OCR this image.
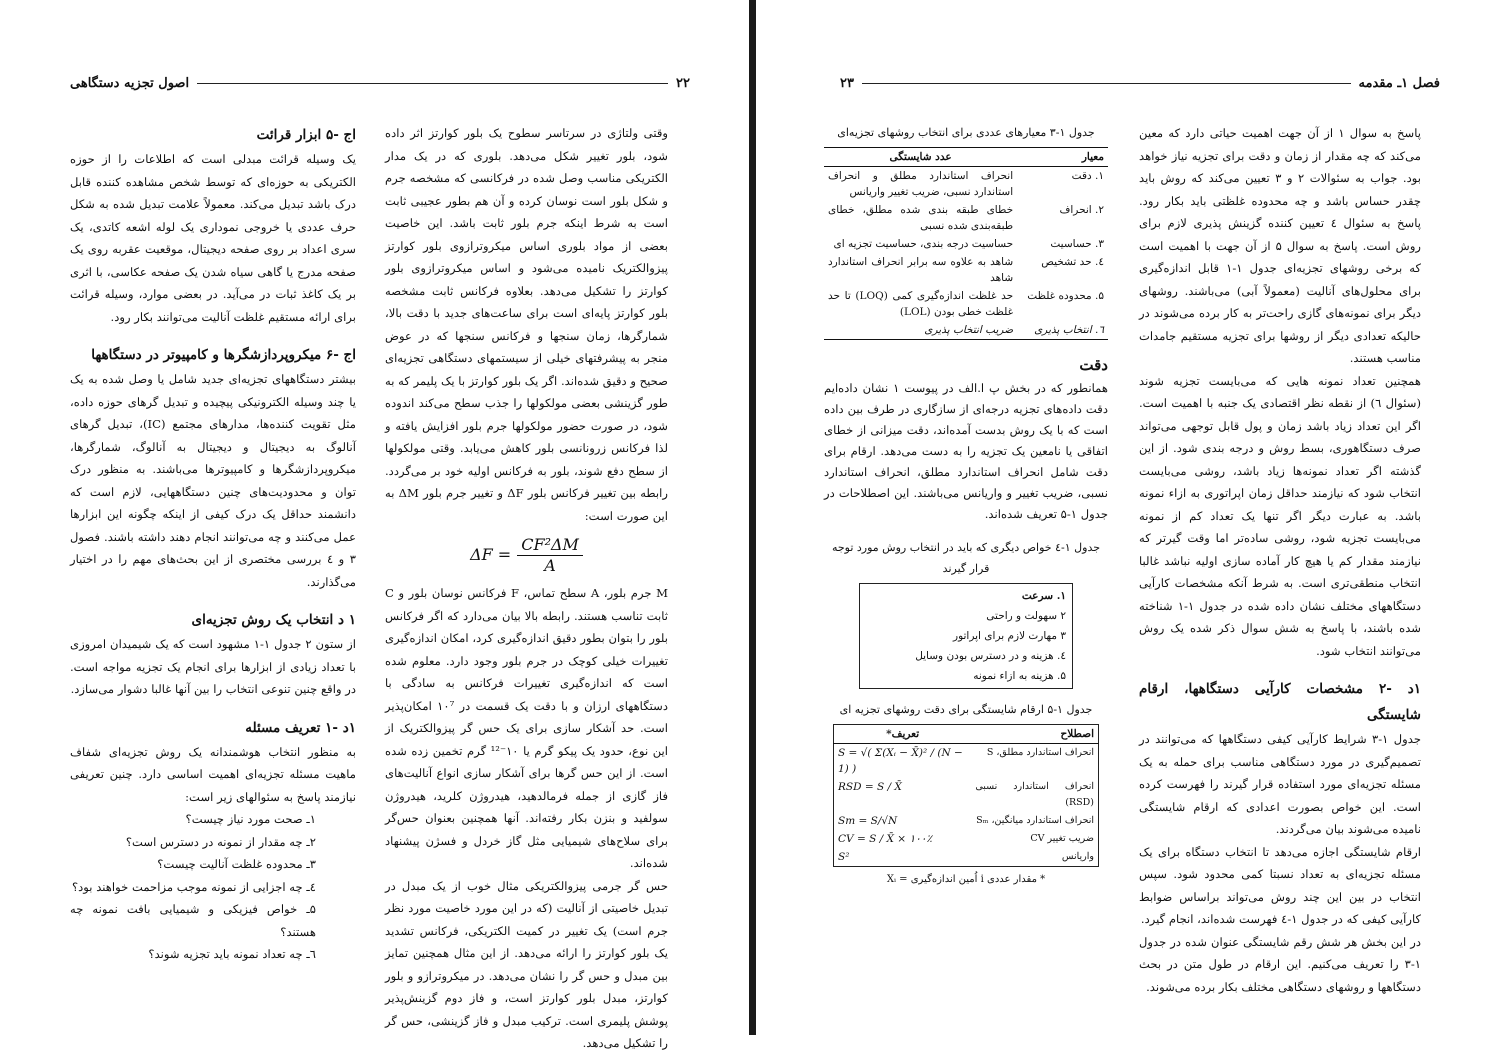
۲۲
اصول تجزیه دستگاهی

اج -۵ ابزار قرائت

یک وسیله قرائت مبدلی است که اطلاعات را از حوزه الکتریکی به حوزه‌ای که توسط شخص مشاهده کننده قابل درک باشد تبدیل می‌کند. معمولاً علامت تبدیل شده به شکل حرف عددی یا خروجی نموداری یک لوله اشعه کاتدی، یک سری اعداد بر روی صفحه دیجیتال، موقعیت عقربه روی یک صفحه مدرج یا گاهی سیاه شدن یک صفحه عکاسی، با اثری بر یک کاغذ ثبات در می‌آید. در بعضی موارد، وسیله قرائت برای ارائه مستقیم غلظت آنالیت می‌توانند بکار رود.

اج -۶ میکروپردازشگرها و کامپیوتر در دستگاهها

بیشتر دستگاههای تجزیه‌ای جدید شامل یا وصل شده به یک یا چند وسیله الکترونیکی پیچیده و تبدیل گرهای حوزه داده، مثل تقویت کننده‌ها، مدارهای مجتمع (IC)، تبدیل گرهای آنالوگ به دیجیتال و دیجیتال به آنالوگ، شمارگرها، میکروپردازشگرها و کامپیوترها می‌باشند. به منظور درک توان و محدودیت‌های چنین دستگاههایی، لازم است که دانشمند حداقل یک درک کیفی از اینکه چگونه این ابزارها عمل می‌کنند و چه می‌توانند انجام دهند داشته باشند. فصول ۳ و ٤ بررسی مختصری از این بحث‌های مهم را در اختیار می‌گذارند.

۱ د انتخاب یک روش تجزیه‌ای

از ستون ۲ جدول ۱-۱ مشهود است که یک شیمیدان امروزی با تعداد زیادی از ابزارها برای انجام یک تجزیه مواجه است. در واقع چنین تنوعی انتخاب را بین آنها غالبا دشوار می‌سازد.

۱د -۱ تعریف مسئله

به منظور انتخاب هوشمندانه یک روش تجزیه‌ای شفاف ماهیت مسئله تجزیه‌ای اهمیت اساسی دارد. چنین تعریفی نیازمند پاسخ به سئوالهای زیر است:

۱ـ صحت مورد نیاز چیست؟

۲ـ چه مقدار از نمونه در دسترس است؟

۳ـ محدوده غلظت آنالیت چیست؟

٤ـ چه اجزایی از نمونه موجب مزاحمت خواهند بود؟

۵ـ خواص فیزیکی و شیمیایی بافت نمونه چه هستند؟

٦ـ چه تعداد نمونه باید تجزیه شوند؟

وقتی ولتاژی در سرتاسر سطوح یک بلور کوارتز اثر داده شود، بلور تغییر شکل می‌دهد. بلوری که در یک مدار الکتریکی مناسب وصل شده در فرکانسی که مشخصه جرم و شکل بلور است نوسان کرده و آن هم بطور عجیبی ثابت است به شرط اینکه جرم بلور ثابت باشد. این خاصیت بعضی از مواد بلوری اساس میکروترازوی بلور کوارتز پیزوالکتریک نامیده می‌شود و اساس میکروترازوی بلور کوارتز را تشکیل می‌دهد. بعلاوه فرکانس ثابت مشخصه بلور کوارتز پایه‌ای است برای ساعت‌های جدید با دقت بالا، شمارگرها، زمان سنجها و فرکانس سنجها که در عوض منجر به پیشرفتهای خیلی از سیستمهای دستگاهی تجزیه‌ای صحیح و دقیق شده‌اند. اگر یک بلور کوارتز با یک پلیمر که به طور گزینشی بعضی مولکولها را جذب سطح می‌کند اندوده شود، در صورت حضور مولکولها جرم بلور افزایش یافته و لذا فرکانس زرونانسی بلور کاهش می‌یابد. وقتی مولکولها از سطح دفع شوند، بلور به فرکانس اولیه خود بر می‌گردد. رابطه بین تغییر فرکانس بلور ΔF و تغییر جرم بلور ΔM به این صورت است:

$\Delta F = \frac{\text{CF²ΔM}}{A}$

M جرم بلور، A سطح تماس، F فرکانس نوسان بلور و C ثابت تناسب هستند. رابطه بالا بیان می‌دارد که اگر فرکانس بلور را بتوان بطور دقیق اندازه‌گیری کرد، امکان اندازه‌گیری تغییرات خیلی کوچک در جرم بلور وجود دارد. معلوم شده است که اندازه‌گیری تغییرات فرکانس به سادگی با دستگاههای ارزان و با دقت یک قسمت در ۱۰⁷ امکان‌پذیر است. حد آشکار سازی برای یک حس گر پیزوالکتریک از این نوع، حدود یک پیکو گرم یا ۱۰⁻¹² گرم تخمین زده شده است. از این حس گرها برای آشکار سازی انواع آنالیت‌های فاز گازی از جمله فرمالدهید، هیدروژن کلرید، هیدروژن سولفید و بنزن بکار رفته‌اند. آنها همچنین بعنوان حس‌گر برای سلاح‌های شیمیایی مثل گاز خردل و فسژن پیشنهاد شده‌اند.

حس گر جرمی پیزوالکتریکی مثال خوب از یک مبدل در تبدیل خاصیتی از آنالیت (که در این مورد خاصیت مورد نظر جرم است) یک تغییر در کمیت الکتریکی، فرکانس تشدید یک بلور کوارتز را ارائه می‌دهد. از این مثال همچنین تمایز بین مبدل و حس گر را نشان می‌دهد. در میکروترازو و بلور کوارتز، مبدل بلور کوارتز است، و فاز دوم گزینش‌پذیر پوشش پلیمری است. ترکیب مبدل و فاز گزینشی، حس گر را تشکیل می‌دهد.

فصل ۱ـ مقدمه
۲۳

پاسخ به سوال ۱ از آن جهت اهمیت حیاتی دارد که معین می‌کند که چه مقدار از زمان و دقت برای تجزیه نیاز خواهد بود. جواب به سئوالات ۲ و ۳ تعیین می‌کند که روش باید چقدر حساس باشد و چه محدوده غلظتی باید بکار رود. پاسخ به سئوال ٤ تعیین کننده گزینش پذیری لازم برای روش است. پاسخ به سوال ۵ از آن جهت با اهمیت است که برخی روشهای تجزیه‌ای جدول ۱-۱ قابل اندازه‌گیری برای محلول‌های آنالیت (معمولاً آبی) می‌باشند. روشهای دیگر برای نمونه‌های گازی راحت‌تر به کار برده می‌شوند در حالیکه تعدادی دیگر از روشها برای تجزیه مستقیم جامدات مناسب هستند.

همچنین تعداد نمونه هایی که می‌بایست تجزیه شوند (سئوال ٦) از نقطه نظر اقتصادی یک جنبه با اهمیت است. اگر این تعداد زیاد باشد زمان و پول قابل توجهی می‌تواند صرف دستگاهوری، بسط روش و درجه بندی شود. از این گذشته اگر تعداد نمونه‌ها زیاد باشد، روشی می‌بایست انتخاب شود که نیازمند حداقل زمان اپراتوری به ازاء نمونه باشد. به عبارت دیگر اگر تنها یک تعداد کم از نمونه می‌بایست تجزیه شود، روشی ساده‌تر اما وقت گیرتر که نیازمند مقدار کم یا هیچ کار آماده سازی اولیه نباشد غالبا انتخاب منطقی‌تری است. به شرط آنکه مشخصات کارآیی دستگاههای مختلف نشان داده شده در جدول ۱-۱ شناخته شده باشند، با پاسخ به شش سوال ذکر شده یک روش می‌توانند انتخاب شود.

۱د -۲ مشخصات کارآیی دستگاهها، ارقام شایستگی

جدول ۱-۳ شرایط کارآیی کیفی دستگاهها که می‌توانند در تصمیم‌گیری در مورد دستگاهی مناسب برای حمله به یک مسئله تجزیه‌ای مورد استفاده قرار گیرند را فهرست کرده است. این خواص بصورت اعدادی که ارقام شایستگی نامیده می‌شوند بیان می‌گردند.

ارقام شایستگی اجازه می‌دهد تا انتخاب دستگاه برای یک مسئله تجزیه‌ای به تعداد نسبتا کمی محدود شود. سپس انتخاب در بین این چند روش می‌تواند براساس ضوابط کارآیی کیفی که در جدول ۱-٤ فهرست شده‌اند، انجام گیرد.

در این بخش هر شش رقم شایستگی عنوان شده در جدول ۱-۳ را تعریف می‌کنیم. این ارقام در طول متن در بحث دستگاهها و روشهای دستگاهی مختلف بکار برده می‌شوند.

جدول ۱-۳ معیارهای عددی برای انتخاب روشهای تجزیه‌ای
معیار	عدد شایستگی
۱. دقت	انحراف استاندارد مطلق و انحراف استاندارد نسبی، ضریب تغییر واریانس
۲. انحراف	خطای طبقه بندی شده مطلق، خطای طبقه‌بندی شده نسبی
۳. حساسیت	حساسیت درجه بندی، حساسیت تجزیه ای
٤. حد تشخیص	شاهد به علاوه سه برابر انحراف استاندارد شاهد
۵. محدوده غلظت	حد غلظت اندازه‌گیری کمی (LOQ) تا حد غلظت خطی بودن (LOL)
٦. انتخاب پذیری	ضریب انتخاب پذیری

دقت

همانطور که در بخش پ ا.الف در پیوست ۱ نشان داده‌ایم دقت داده‌های تجزیه درجه‌ای از سازگاری در طرف بین داده است که با یک روش بدست آمده‌اند، دقت میزانی از خطای اتفاقی یا نامعین یک تجزیه را به دست می‌دهد. ارقام برای دقت شامل انحراف استاندارد مطلق، انحراف استاندارد نسبی، ضریب تغییر و واریانس می‌باشند. این اصطلاحات در جدول ۱-۵ تعریف شده‌اند.

جدول ۱-٤ خواص دیگری که باید در انتخاب روش مورد توجه قرار گیرند

۱. سرعت

۲ سهولت و راحتی

۳ مهارت لازم برای اپراتور

٤. هزینه و در دسترس بودن وسایل

۵. هزینه به ازاء نمونه

جدول ۱-۵ ارقام شایستگی برای دقت روشهای تجزیه ای
اصطلاح	تعریف*
انحراف استاندارد مطلق، S	S = √( Σ(Xᵢ − X̄)² / (N − 1) )
انحراف استاندارد نسبی (RSD)	RSD = S / X̄
انحراف استاندارد میانگین، Sₘ	Sm = S/√N
ضریب تغییر CV	CV = S / X̄ × ۱۰۰٪
واریانس	S²
* مقدار عددی i اُمین اندازه‌گیری = Xᵢ
